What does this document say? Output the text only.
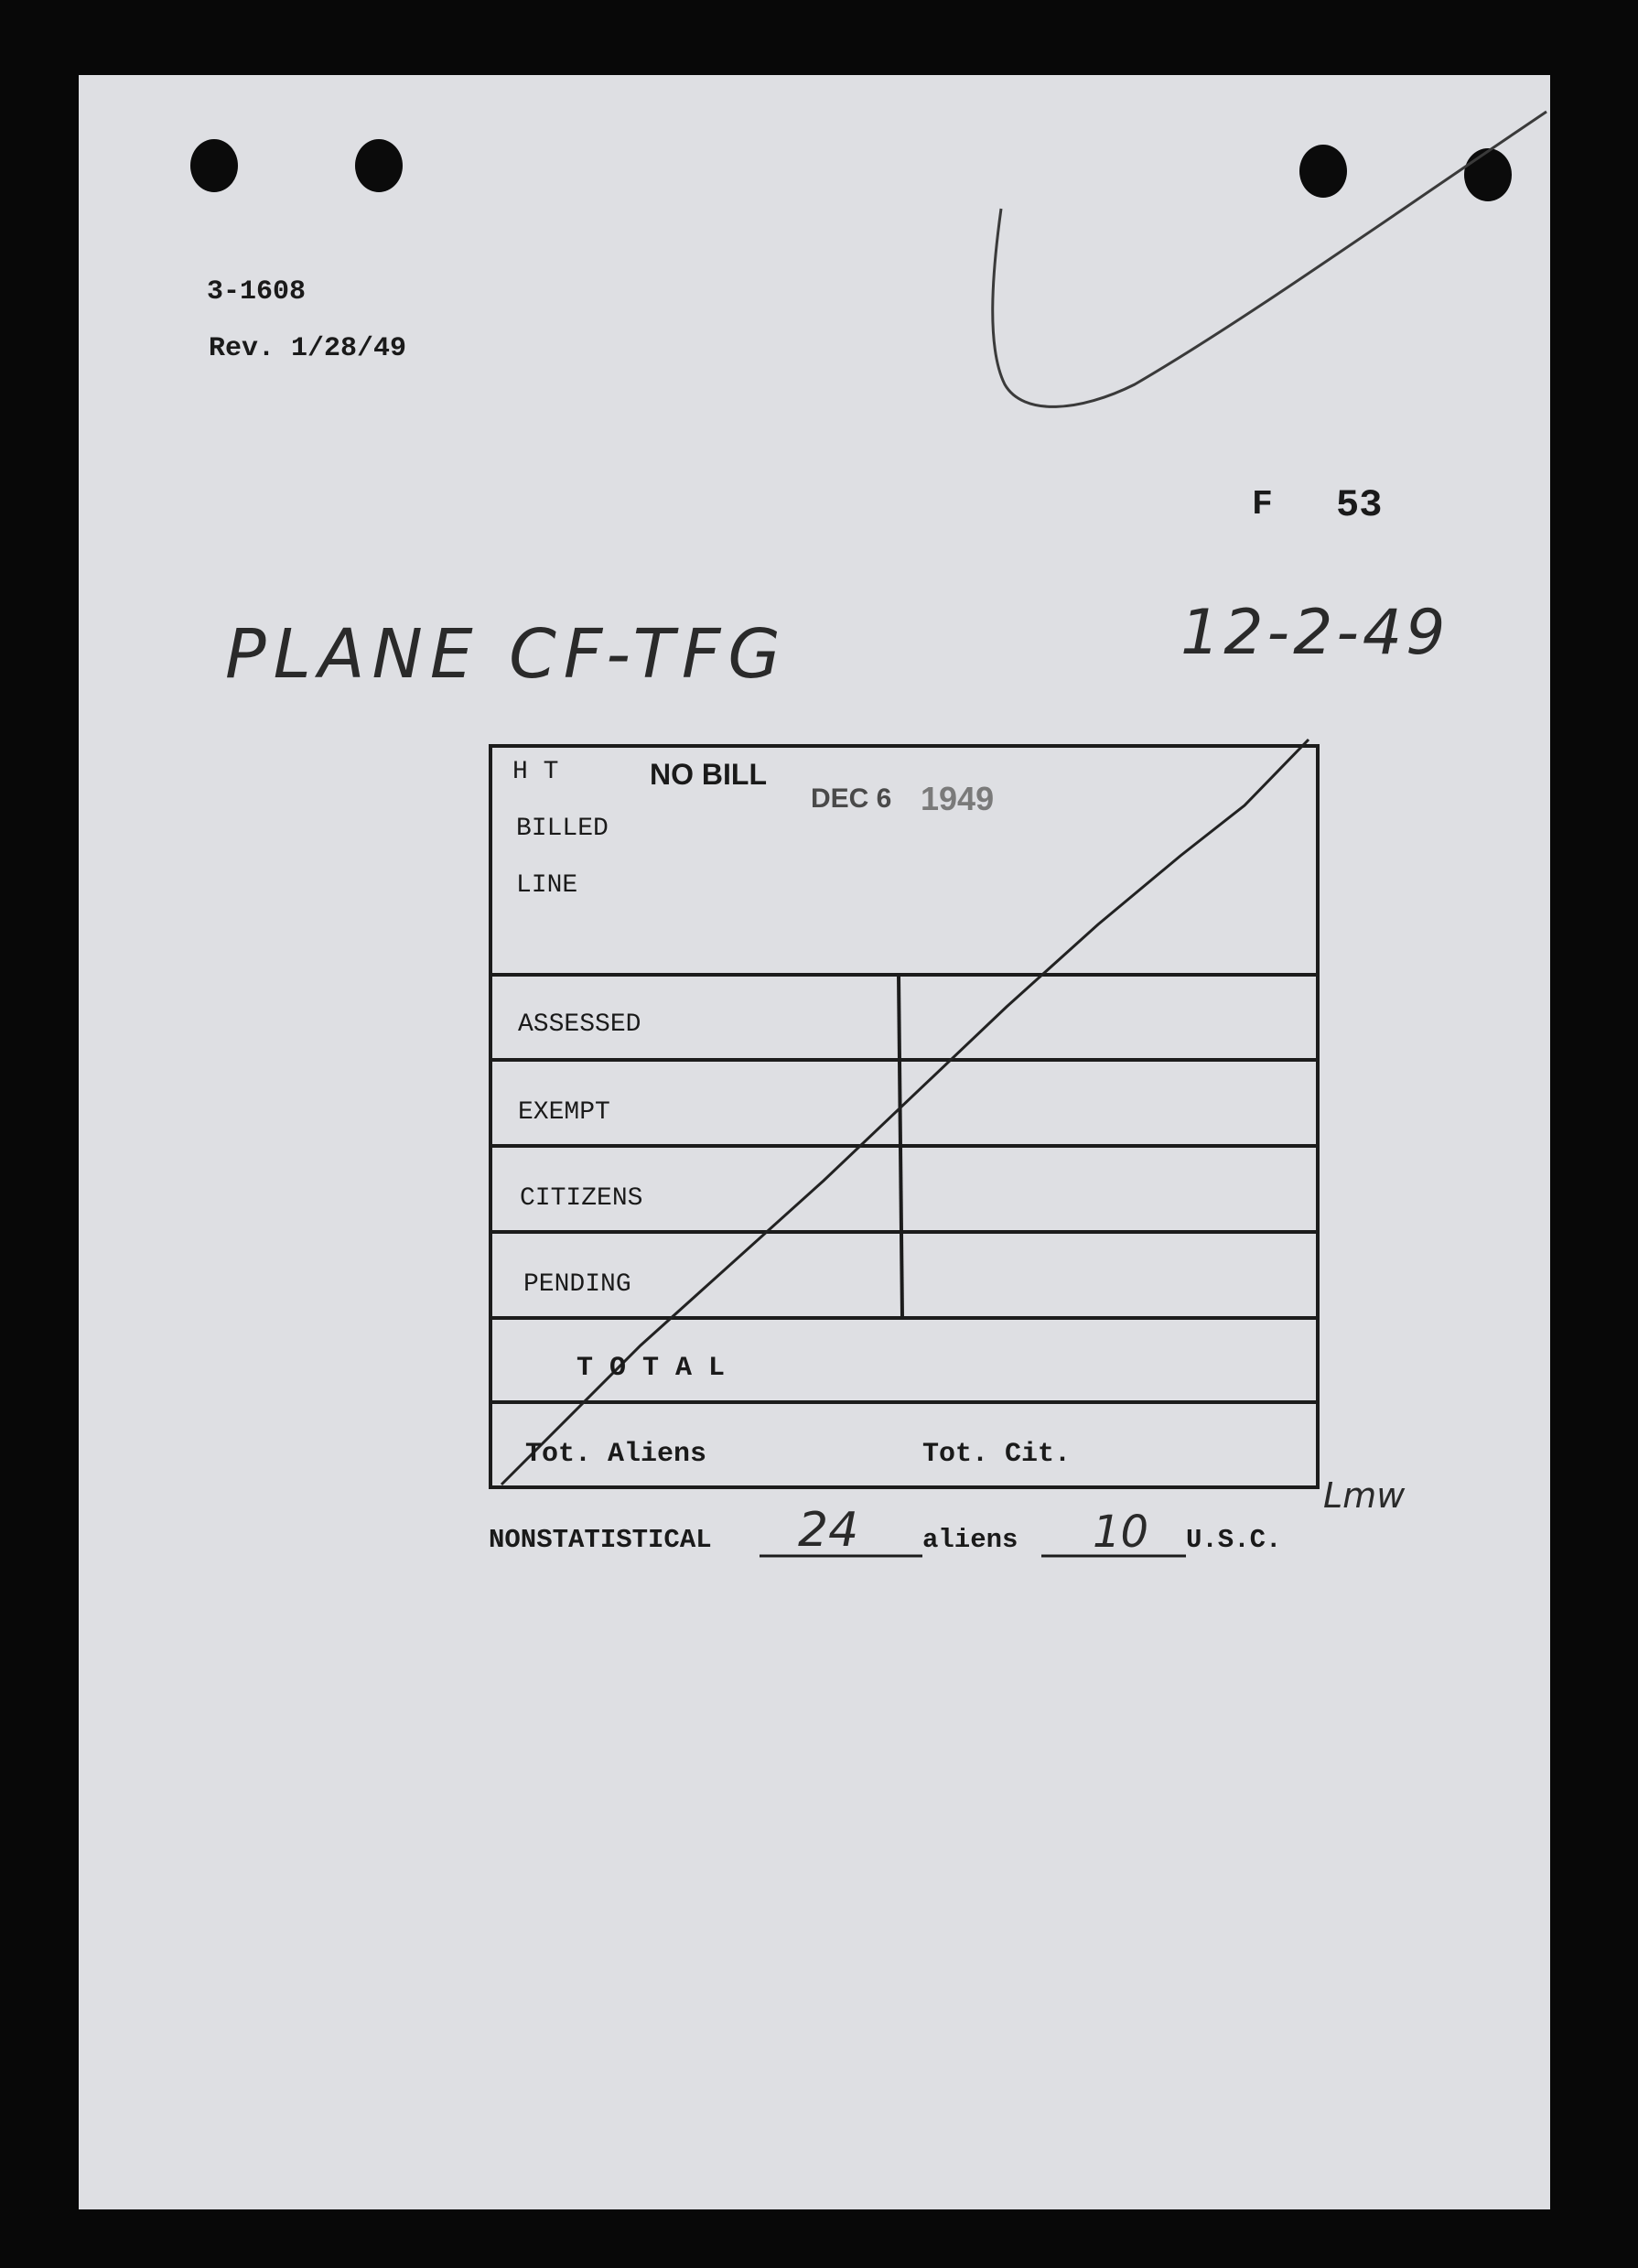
3-1608
Rev. 1/28/49
F 53
PLANE CF-TFG	12-2-49
Lmw
NO BILL
DEC 6 1949
H T
BILLED
LINE
ASSESSED
EXEMPT
CITIZENS
PENDING
T O T A L
Tot. Aliens	Tot. Cit.
NONSTATISTICAL 24 aliens 10 U.S.C.
